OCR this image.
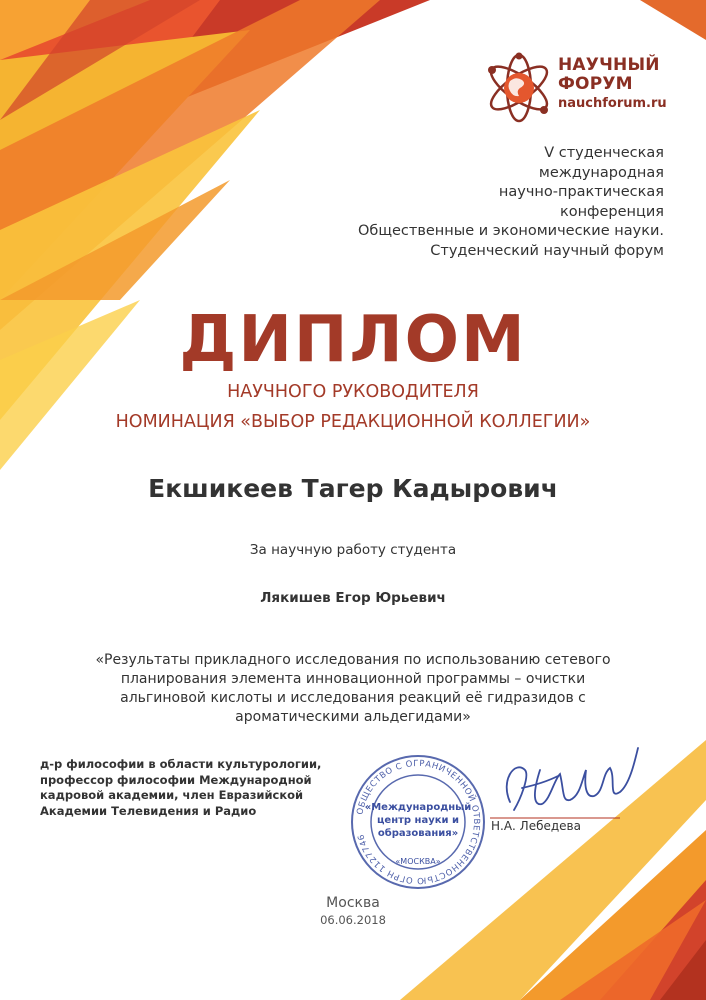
НАУЧНЫЙ
ФОРУМ
nauchforum.ru
V студенческая
международная
научно-практическая
конференция
Общественные и экономические науки.
Студенческий научный форум
ДИПЛОМ
НАУЧНОГО РУКОВОДИТЕЛЯ
НОМИНАЦИЯ «ВЫБОР РЕДАКЦИОННОЙ КОЛЛЕГИИ»
Екшикеев Тагер Кадырович
За научную работу студента
Лякишев Егор Юрьевич
«Результаты прикладного исследования по использованию сетевого
планирования элемента инновационной программы – очистки
альгиновой кислоты и исследования реакций её гидразидов с
ароматическими альдегидами»
д-р философии в области культурологии,
профессор философии Международной
кадровой академии, член Евразийской
Академии Телевидения и Радио	ОБЩЕСТВО С ОГРАНИЧЕННОЙ ОТВЕТСТВЕННОСТЬЮ ОГРН 1127746
«Международный
центр науки и
образования»
«МОСКВА»
Н.А. Лебедева
Москва
06.06.2018
